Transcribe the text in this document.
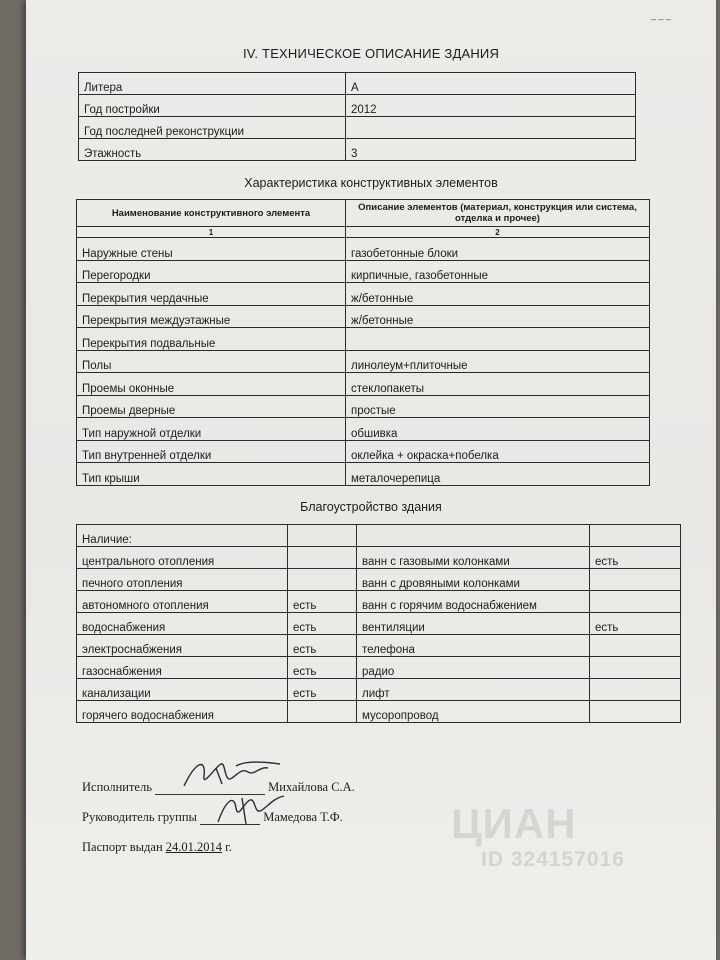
‒ ‒ ‒
IV. ТЕХНИЧЕСКОЕ ОПИСАНИЕ ЗДАНИЯ
Литера	А
Год постройки	2012
Год последней реконструкции	
Этажность	3
Характеристика конструктивных элементов
Наименование конструктивного элемента	Описание элементов (материал, конструкция или система, отделка и прочее)
1	2
Наружные стены	газобетонные блоки
Перегородки	кирпичные, газобетонные
Перекрытия чердачные	ж/бетонные
Перекрытия междуэтажные	ж/бетонные
Перекрытия подвальные	
Полы	линолеум+плиточные
Проемы оконные	стеклопакеты
Проемы дверные	простые
Тип наружной отделки	обшивка
Тип внутренней отделки	оклейка + окраска+побелка
Тип крыши	металочерепица
Благоустройство здания
Наличие:			
центрального отопления		ванн с газовыми колонками	есть
печного отопления		ванн с дровяными колонками	
автономного отопления	есть	ванн с горячим водоснабжением	
водоснабжения	есть	вентиляции	есть
электроснабжения	есть	телефона	
газоснабжения	есть	радио	
канализации	есть	лифт	
горячего водоснабжения		мусоропровод	
Исполнитель	Михайлова С.А.
Руководитель группы	Мамедова Т.Ф.
Паспорт выдан 24.01.2014 г.	ЦИАН
ID 324157016
